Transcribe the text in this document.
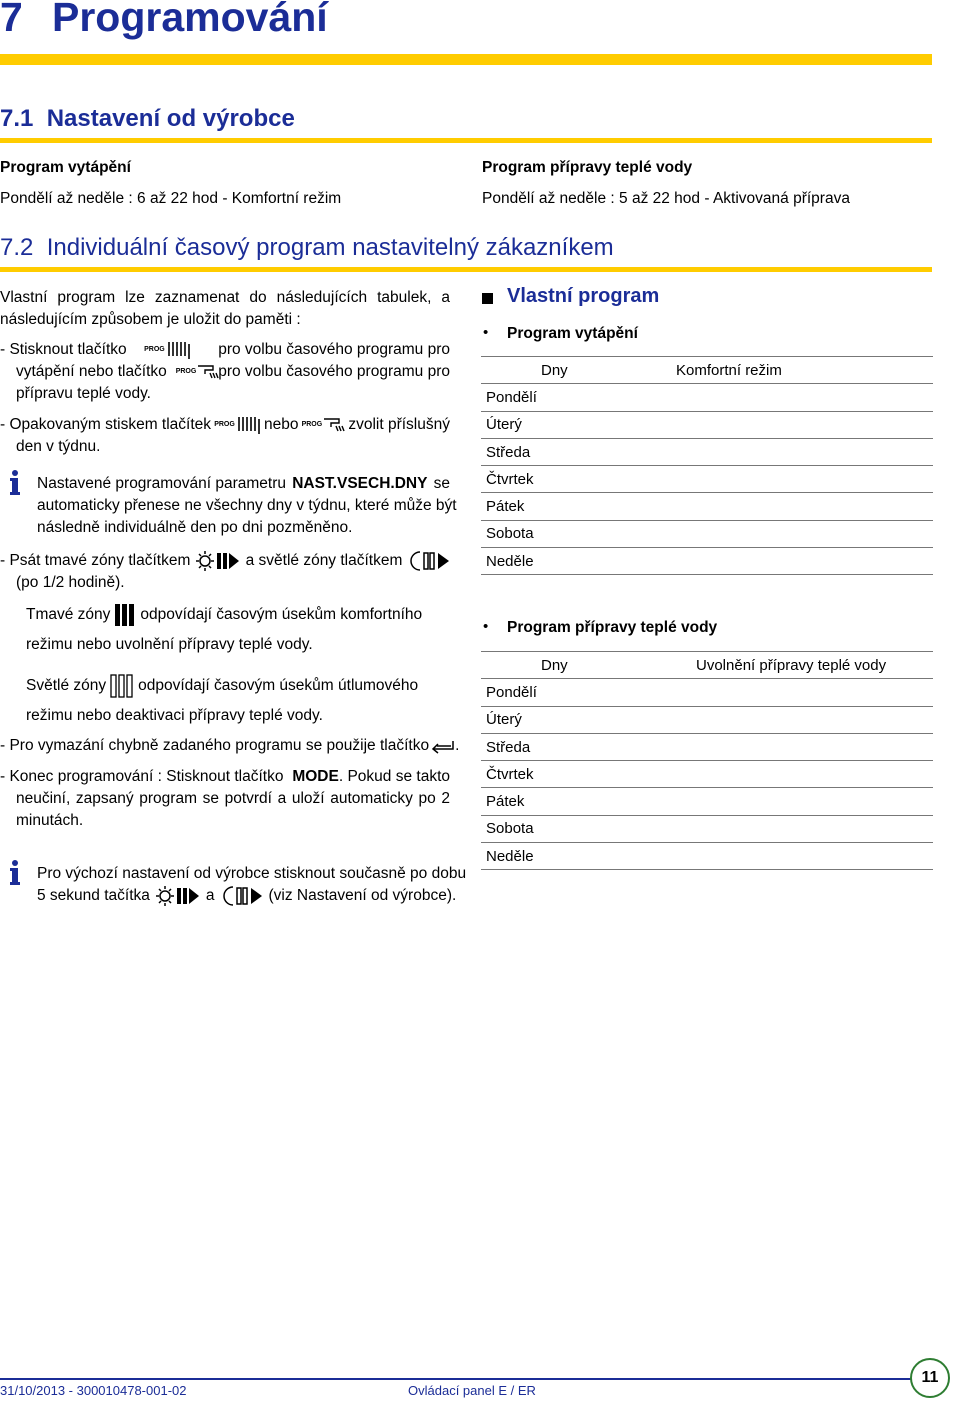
7 Programování
7.1 Nastavení od výrobce
Program vytápění
Pondělí až neděle : 6 až 22 hod - Komfortní režim
Program přípravy teplé vody
Pondělí až neděle : 5 až 22 hod - Aktivovaná příprava
7.2 Individuální časový program nastavitelný zákazníkem
Vlastní program lze zaznamenat do následujících tabulek, a
následujícím způsobem je uložit do paměti :
- Stisknout tlačítko PROG	pro volbu časového programu pro
vytápění nebo tlačítko PROG pro volbu časového programu pro
přípravu teplé vody.
- Opakovaným stiskem tlačítek PROG nebo PROG zvolit příslušný
den v týdnu.
Nastavené programování parametru NAST.VSECH.DNY se
automaticky přenese ne všechny dny v týdnu, které může být
následně individuálně den po dni pozměněno.
- Psát tmavé zóny tlačítkem	a světlé zóny tlačítkem
(po 1/2 hodině).
Tmavé zóny odpovídají časovým úsekům komfortního
režimu nebo uvolnění přípravy teplé vody.
Světlé zóny odpovídají časovým úsekům útlumového
režimu nebo deaktivaci přípravy teplé vody.
- Pro vymazání chybně zadaného programu se použije tlačítko .
- Konec programování : Stisknout tlačítko MODE. Pokud se takto
neučiní, zapsaný program se potvrdí a uloží automaticky po 2
minutách.
Pro výchozí nastavení od výrobce stisknout současně po dobu
5 sekund tačítka	a	(viz Nastavení od výrobce).
Vlastní program
• Program vytápění
	Dny	Komfortní režim
Pondělí
Úterý
Středa
Čtvrtek
Pátek
Sobota
Neděle
• Program přípravy teplé vody
	Dny	Uvolnění přípravy teplé vody
Pondělí
Úterý
Středa
Čtvrtek
Pátek
Sobota
Neděle
31/10/2013 - 300010478-001-02	Ovládací panel E / ER
11
